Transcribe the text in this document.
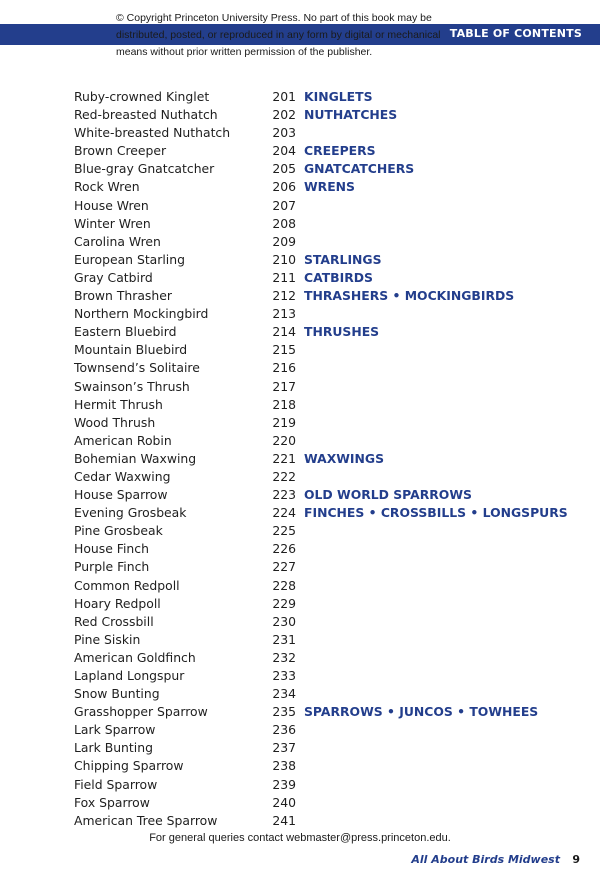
TABLE OF CONTENTS
© Copyright Princeton University Press. No part of this book may be
distributed, posted, or reproduced in any form by digital or mechanical
means without prior written permission of the publisher.
Ruby-crowned Kinglet	201 KINGLETS
Red-breasted Nuthatch	202 NUTHATCHES
White-breasted Nuthatch	203
Brown Creeper	204 CREEPERS
Blue-gray Gnatcatcher	205 GNATCATCHERS
Rock Wren	206 WRENS
House Wren	207
Winter Wren	208
Carolina Wren	209
European Starling	210 STARLINGS
Gray Catbird	211 CATBIRDS
Brown Thrasher	212 THRASHERS • MOCKINGBIRDS
Northern Mockingbird	213
Eastern Bluebird	214 THRUSHES
Mountain Bluebird	215
Townsend’s Solitaire	216
Swainson’s Thrush	217
Hermit Thrush	218
Wood Thrush	219
American Robin	220
Bohemian Waxwing	221 WAXWINGS
Cedar Waxwing	222
House Sparrow	223 OLD WORLD SPARROWS
Evening Grosbeak	224 FINCHES • CROSSBILLS • LONGSPURS
Pine Grosbeak	225
House Finch	226
Purple Finch	227
Common Redpoll	228
Hoary Redpoll	229
Red Crossbill	230
Pine Siskin	231
American Goldfinch	232
Lapland Longspur	233
Snow Bunting	234
Grasshopper Sparrow	235 SPARROWS • JUNCOS • TOWHEES
Lark Sparrow	236
Lark Bunting	237
Chipping Sparrow	238
Field Sparrow	239
Fox Sparrow	240
American Tree Sparrow	241
For general queries contact webmaster@press.princeton.edu.
All About Birds Midwest 9
